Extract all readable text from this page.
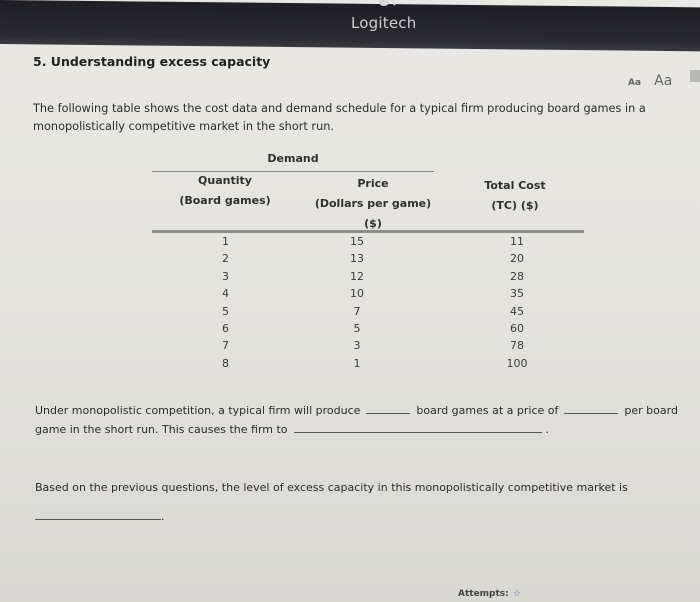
Logitech
5. Understanding excess capacity
Aa Aa
The following table shows the cost data and demand schedule for a typical firm producing board games in a monopolistically competitive market in the short run.
Demand
Quantity
(Board games)
Price
(Dollars per game)
($)
Total Cost
(TC) ($)
1	15	11
2	13	20
3	12	28
4	10	35
5	7	45
6	5	60
7	3	78
8	1	100
Under monopolistic competition, a typical firm will produce	board games at a price of	per board game in the short run. This causes the firm to	.
Based on the previous questions, the level of excess capacity in this monopolistically competitive market is
.
Attempts: ☆
